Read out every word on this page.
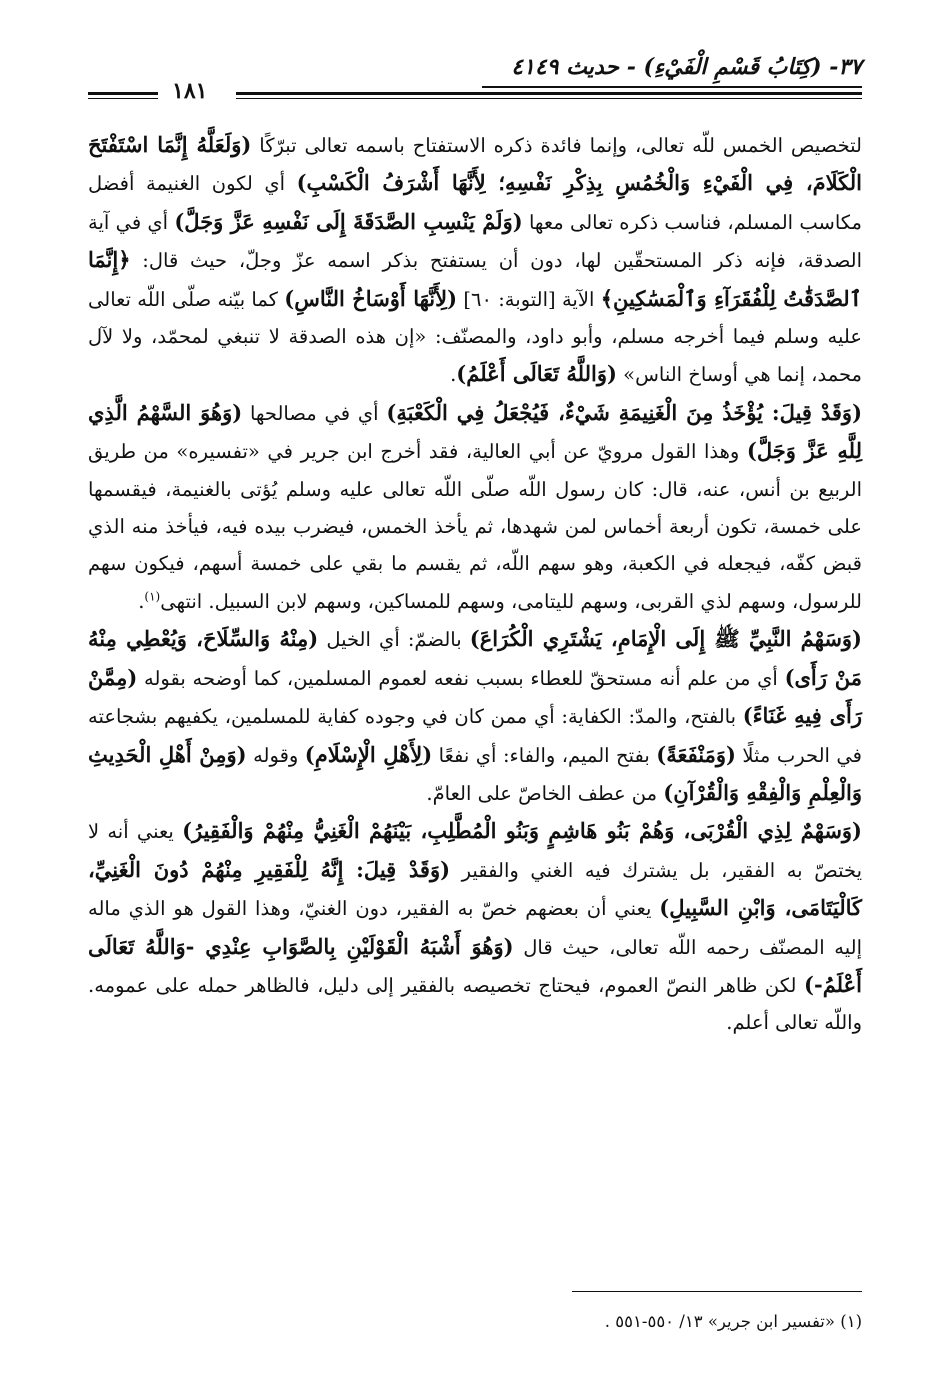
٣٧- (كِتَابُ قَسْمِ الْفَيْءِ) - حديث ٤١٤٩
١٨١

لتخصيص الخمس للّه تعالى، وإنما فائدة ذكره الاستفتاح باسمه تعالى تبرّكًا (وَلَعَلَّهُ إِنَّمَا اسْتَفْتَحَ الْكَلَامَ، فِي الْفَيْءِ وَالْخُمُسِ بِذِكْرِ نَفْسِهِ؛ لِأَنَّهَا أَشْرَفُ الْكَسْبِ) أي لكون الغنيمة أفضل مكاسب المسلم، فناسب ذكره تعالى معها (وَلَمْ يَنْسِبِ الصَّدَقَةَ إِلَى نَفْسِهِ عَزَّ وَجَلَّ) أي في آية الصدقة، فإنه ذكر المستحقّين لها، دون أن يستفتح بذكر اسمه عزّ وجلّ، حيث قال: ﴿إِنَّمَا ٱلصَّدَقَٰتُ لِلْفُقَرَآءِ وَٱلْمَسَٰكِينِ﴾ الآية [التوبة: ٦٠] (لِأَنَّهَا أَوْسَاخُ النَّاسِ) كما بيّنه صلّى اللّه تعالى عليه وسلم فيما أخرجه مسلم، وأبو داود، والمصنّف: «إن هذه الصدقة لا تنبغي لمحمّد، ولا لآل محمد، إنما هي أوساخ الناس» (وَاللَّهُ تَعَالَى أَعْلَمُ).

(وَقَدْ قِيلَ: يُؤْخَذُ مِنَ الْغَنِيمَةِ شَيْءٌ، فَيُجْعَلُ فِي الْكَعْبَةِ) أي في مصالحها (وَهُوَ السَّهْمُ الَّذِي لِلَّهِ عَزَّ وَجَلَّ) وهذا القول مرويّ عن أبي العالية، فقد أخرج ابن جرير في «تفسيره» من طريق الربيع بن أنس، عنه، قال: كان رسول اللّه صلّى اللّه تعالى عليه وسلم يُؤتى بالغنيمة، فيقسمها على خمسة، تكون أربعة أخماس لمن شهدها، ثم يأخذ الخمس، فيضرب بيده فيه، فيأخذ منه الذي قبض كفّه، فيجعله في الكعبة، وهو سهم اللّه، ثم يقسم ما بقي على خمسة أسهم، فيكون سهم للرسول، وسهم لذي القربى، وسهم لليتامى، وسهم للمساكين، وسهم لابن السبيل. انتهى$^{(١)}$.

(وَسَهْمُ النَّبِيِّ ﷺ إِلَى الْإِمَامِ، يَشْتَرِي الْكُرَاعَ) بالضمّ: أي الخيل (مِنْهُ وَالسِّلَاحَ، وَيُعْطِي مِنْهُ مَنْ رَأَى) أي من علم أنه مستحقّ للعطاء بسبب نفعه لعموم المسلمين، كما أوضحه بقوله (مِمَّنْ رَأَى فِيهِ غَنَاءً) بالفتح، والمدّ: الكفاية: أي ممن كان في وجوده كفاية للمسلمين، يكفيهم بشجاعته في الحرب مثلًا (وَمَنْفَعَةً) بفتح الميم، والفاء: أي نفعًا (لِأَهْلِ الْإِسْلَامِ) وقوله (وَمِنْ أَهْلِ الْحَدِيثِ وَالْعِلْمِ وَالْفِقْهِ وَالْقُرْآنِ) من عطف الخاصّ على العامّ.

(وَسَهْمٌ لِذِي الْقُرْبَى، وَهُمْ بَنُو هَاشِمٍ وَبَنُو الْمُطَّلِبِ، بَيْنَهُمْ الْغَنِيُّ مِنْهُمْ وَالْفَقِيرُ) يعني أنه لا يختصّ به الفقير، بل يشترك فيه الغني والفقير (وَقَدْ قِيلَ: إِنَّهُ لِلْفَقِيرِ مِنْهُمْ دُونَ الْغَنِيِّ، كَالْيَتَامَى، وَابْنِ السَّبِيلِ) يعني أن بعضهم خصّ به الفقير، دون الغنيّ، وهذا القول هو الذي ماله إليه المصنّف رحمه اللّه تعالى، حيث قال (وَهُوَ أَشْبَهُ الْقَوْلَيْنِ بِالصَّوَابِ عِنْدِي -وَاللَّهُ تَعَالَى أَعْلَمُ-) لكن ظاهر النصّ العموم، فيحتاج تخصيصه بالفقير إلى دليل، فالظاهر حمله على عمومه. واللّه تعالى أعلم.

(١) «تفسير ابن جرير» ١٣/ ٥٥٠-٥٥١ .
